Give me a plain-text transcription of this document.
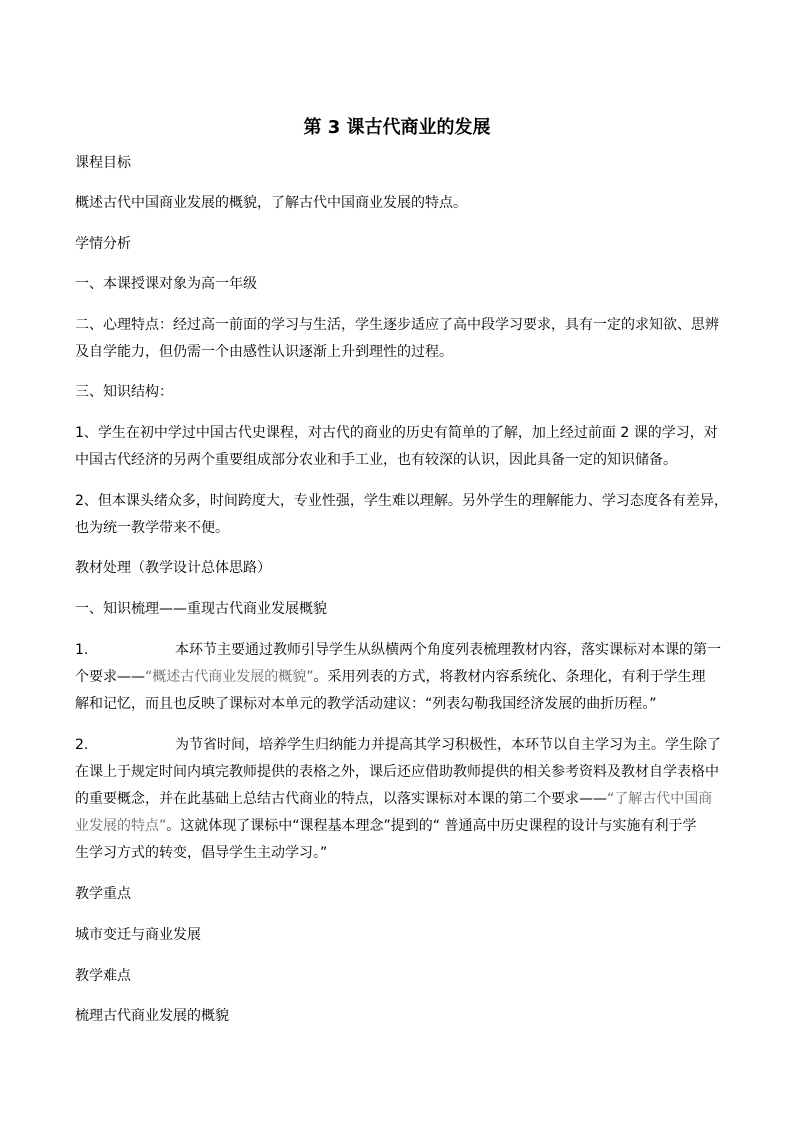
第 3 课古代商业的发展
课程目标
概述古代中国商业发展的概貌，了解古代中国商业发展的特点。
学情分析
一、本课授课对象为高一年级
二、心理特点：经过高一前面的学习与生活，学生逐步适应了高中段学习要求，具有一定的求知欲、思辨
及自学能力，但仍需一个由感性认识逐渐上升到理性的过程。
三、知识结构：
1、学生在初中学过中国古代史课程，对古代的商业的历史有简单的了解，加上经过前面 2 课的学习，对
中国古代经济的另两个重要组成部分农业和手工业，也有较深的认识，因此具备一定的知识储备。
2、但本课头绪众多，时间跨度大，专业性强，学生难以理解。另外学生的理解能力、学习态度各有差异，
也为统一教学带来不便。
教材处理（教学设计总体思路）
一、知识梳理——重现古代商业发展概貌
1.	本环节主要通过教师引导学生从纵横两个角度列表梳理教材内容，落实课标对本课的第一
个要求——“概述古代商业发展的概貌”。采用列表的方式，将教材内容系统化、条理化，有利于学生理
解和记忆，而且也反映了课标对本单元的教学活动建议：“列表勾勒我国经济发展的曲折历程。”
2.	为节省时间，培养学生归纳能力并提高其学习积极性，本环节以自主学习为主。学生除了
在课上于规定时间内填完教师提供的表格之外，课后还应借助教师提供的相关参考资料及教材自学表格中
的重要概念，并在此基础上总结古代商业的特点，以落实课标对本课的第二个要求——“了解古代中国商
业发展的特点”。这就体现了课标中“课程基本理念”提到的“ 普通高中历史课程的设计与实施有利于学
生学习方式的转变，倡导学生主动学习。”
教学重点
城市变迁与商业发展
教学难点
梳理古代商业发展的概貌
